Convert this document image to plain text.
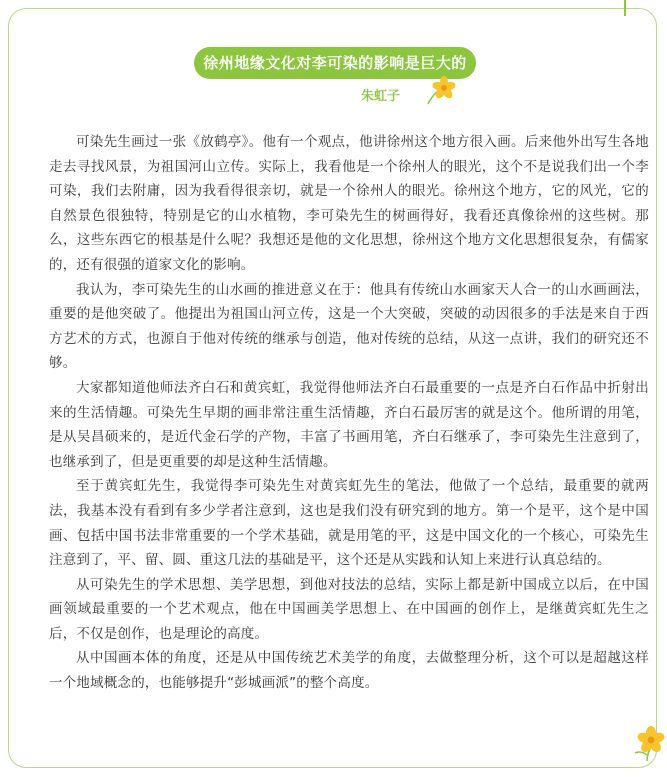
徐州地缘文化对李可染的影响是巨大的
朱虹子

可染先生画过一张《放鹤亭》。他有一个观点，他讲徐州这个地方很入画。后来他外出写生各地走去寻找风景，为祖国河山立传。实际上，我看他是一个徐州人的眼光，这个不是说我们出一个李可染，我们去附庸，因为我看得很亲切，就是一个徐州人的眼光。徐州这个地方，它的风光，它的自然景色很独特，特别是它的山水植物，李可染先生的树画得好，我看还真像徐州的这些树。那么，这些东西它的根基是什么呢？我想还是他的文化思想，徐州这个地方文化思想很复杂，有儒家的，还有很强的道家文化的影响。

我认为，李可染先生的山水画的推进意义在于：他具有传统山水画家天人合一的山水画画法，重要的是他突破了。他提出为祖国山河立传，这是一个大突破，突破的动因很多的手法是来自于西方艺术的方式，也源自于他对传统的继承与创造，他对传统的总结，从这一点讲，我们的研究还不够。

大家都知道他师法齐白石和黄宾虹，我觉得他师法齐白石最重要的一点是齐白石作品中折射出来的生活情趣。可染先生早期的画非常注重生活情趣，齐白石最厉害的就是这个。他所谓的用笔，是从吴昌硕来的，是近代金石学的产物，丰富了书画用笔，齐白石继承了，李可染先生注意到了，也继承到了，但是更重要的却是这种生活情趣。

至于黄宾虹先生，我觉得李可染先生对黄宾虹先生的笔法，他做了一个总结，最重要的就两法，我基本没有看到有多少学者注意到，这也是我们没有研究到的地方。第一个是平，这个是中国画、包括中国书法非常重要的一个学术基础，就是用笔的平，这是中国文化的一个核心，可染先生注意到了，平、留、圆、重这几法的基础是平，这个还是从实践和认知上来进行认真总结的。

从可染先生的学术思想、美学思想，到他对技法的总结，实际上都是新中国成立以后，在中国画领域最重要的一个艺术观点，他在中国画美学思想上、在中国画的创作上，是继黄宾虹先生之后，不仅是创作，也是理论的高度。

从中国画本体的角度，还是从中国传统艺术美学的角度，去做整理分析，这个可以是超越这样一个地域概念的，也能够提升“彭城画派”的整个高度。
